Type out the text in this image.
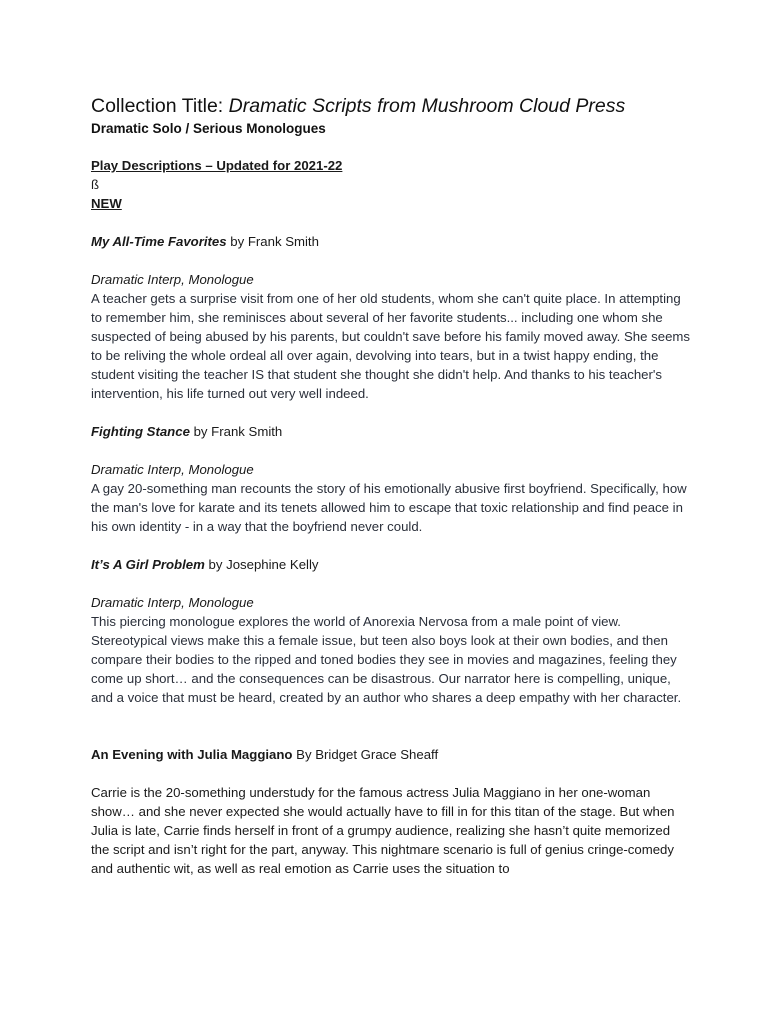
Collection Title: Dramatic Scripts from Mushroom Cloud Press

Dramatic Solo / Serious Monologues

Play Descriptions – Updated for 2021-22

ß

NEW

My All-Time Favorites by Frank Smith

Dramatic Interp, Monologue

A teacher gets a surprise visit from one of her old students, whom she can't quite place. In attempting to remember him, she reminisces about several of her favorite students... including one whom she suspected of being abused by his parents, but couldn't save before his family moved away. She seems to be reliving the whole ordeal all over again, devolving into tears, but in a twist happy ending, the student visiting the teacher IS that student she thought she didn't help. And thanks to his teacher's intervention, his life turned out very well indeed.

Fighting Stance by Frank Smith

Dramatic Interp, Monologue

A gay 20-something man recounts the story of his emotionally abusive first boyfriend. Specifically, how the man's love for karate and its tenets allowed him to escape that toxic relationship and find peace in his own identity - in a way that the boyfriend never could.

It’s A Girl Problem by Josephine Kelly

Dramatic Interp, Monologue

This piercing monologue explores the world of Anorexia Nervosa from a male point of view. Stereotypical views make this a female issue, but teen also boys look at their own bodies, and then compare their bodies to the ripped and toned bodies they see in movies and magazines, feeling they come up short… and the consequences can be disastrous. Our narrator here is compelling, unique, and a voice that must be heard, created by an author who shares a deep empathy with her character.

An Evening with Julia Maggiano By Bridget Grace Sheaff

Carrie is the 20-something understudy for the famous actress Julia Maggiano in her one-woman show… and she never expected she would actually have to fill in for this titan of the stage. But when Julia is late, Carrie finds herself in front of a grumpy audience, realizing she hasn’t quite memorized the script and isn’t right for the part, anyway. This nightmare scenario is full of genius cringe-comedy and authentic wit, as well as real emotion as Carrie uses the situation to
